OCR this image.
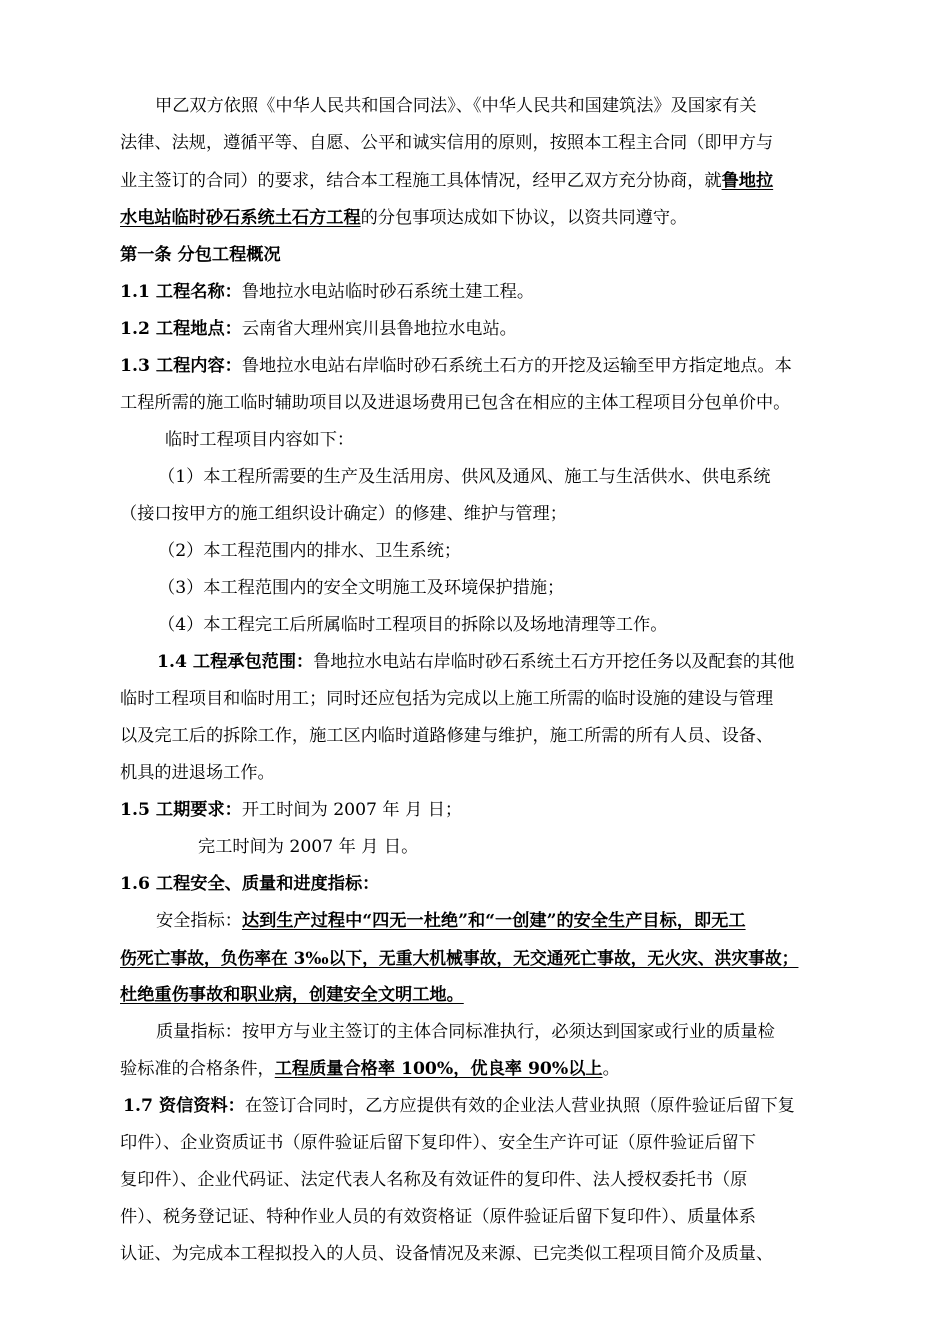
甲乙双方依照《中华人民共和国合同法》、《中华人民共和国建筑法》及国家有关

法律、法规，遵循平等、自愿、公平和诚实信用的原则，按照本工程主合同（即甲方与

业主签订的合同）的要求，结合本工程施工具体情况，经甲乙双方充分协商，就鲁地拉

水电站临时砂石系统土石方工程的分包事项达成如下协议，以资共同遵守。

第一条 分包工程概况

1.1 工程名称：鲁地拉水电站临时砂石系统土建工程。

1.2 工程地点：云南省大理州宾川县鲁地拉水电站。

1.3 工程内容：鲁地拉水电站右岸临时砂石系统土石方的开挖及运输至甲方指定地点。本

工程所需的施工临时辅助项目以及进退场费用已包含在相应的主体工程项目分包单价中。

临时工程项目内容如下：

（1）本工程所需要的生产及生活用房、供风及通风、施工与生活供水、供电系统

（接口按甲方的施工组织设计确定）的修建、维护与管理；

（2）本工程范围内的排水、卫生系统；

（3）本工程范围内的安全文明施工及环境保护措施；

（4）本工程完工后所属临时工程项目的拆除以及场地清理等工作。

1.4 工程承包范围：鲁地拉水电站右岸临时砂石系统土石方开挖任务以及配套的其他

临时工程项目和临时用工；同时还应包括为完成以上施工所需的临时设施的建设与管理

以及完工后的拆除工作，施工区内临时道路修建与维护，施工所需的所有人员、设备、

机具的进退场工作。

1.5 工期要求：开工时间为 2007 年 月 日；

完工时间为 2007 年 月 日。

1.6 工程安全、质量和进度指标：

安全指标：达到生产过程中“四无一杜绝”和“一创建”的安全生产目标，即无工

伤死亡事故，负伤率在 3‰以下，无重大机械事故，无交通死亡事故，无火灾、洪灾事故；

杜绝重伤事故和职业病，创建安全文明工地。

质量指标：按甲方与业主签订的主体合同标准执行，必须达到国家或行业的质量检

验标准的合格条件，工程质量合格率 100%，优良率 90%以上。

1.7 资信资料：在签订合同时，乙方应提供有效的企业法人营业执照（原件验证后留下复

印件）、企业资质证书（原件验证后留下复印件）、安全生产许可证（原件验证后留下

复印件）、企业代码证、法定代表人名称及有效证件的复印件、法人授权委托书（原

件）、税务登记证、特种作业人员的有效资格证（原件验证后留下复印件）、质量体系

认证、为完成本工程拟投入的人员、设备情况及来源、已完类似工程项目简介及质量、
